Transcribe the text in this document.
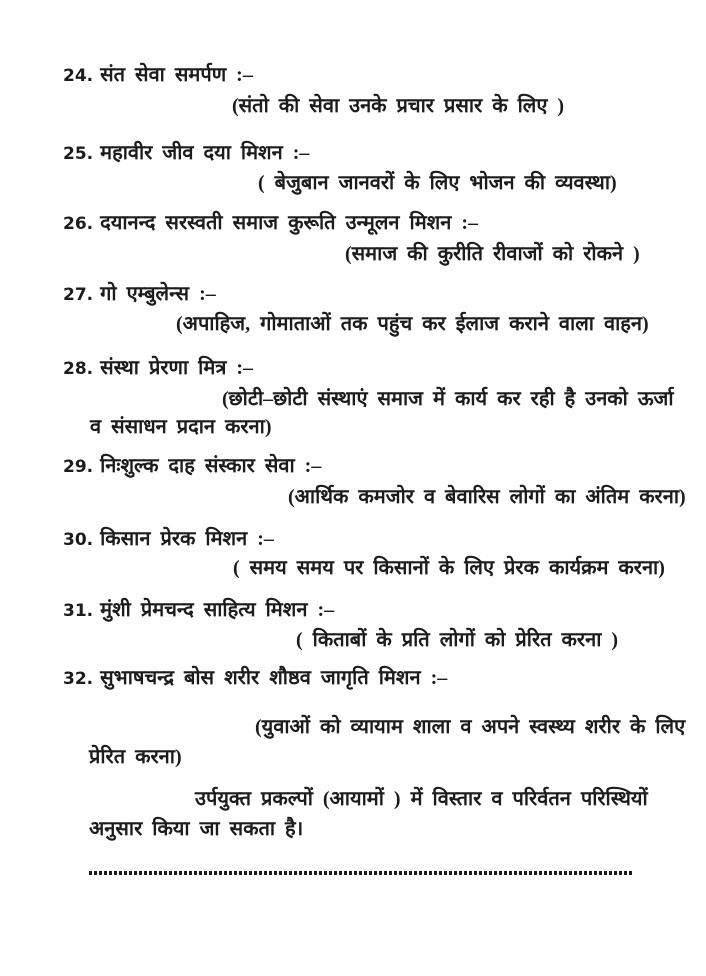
24. संत सेवा समर्पण :–
(संतो की सेवा उनके प्रचार प्रसार के लिए )
25. महावीर जीव दया मिशन :–
( बेजुबान जानवरों के लिए भोजन की व्यवस्था)
26. दयानन्द सरस्वती समाज कुरूति उन्मूलन मिशन :–
(समाज की कुरीति रीवाजों को रोकने )
27. गो एम्बुलेन्स :–
(अपाहिज, गोमाताओं तक पहुंच कर ईलाज कराने वाला वाहन)
28. संस्था प्रेरणा मित्र :–
(छोटी–छोटी संस्थाएं समाज में कार्य कर रही है उनको ऊर्जा
व संसाधन प्रदान करना)
29. निःशुल्क दाह संस्कार सेवा :–
(आर्थिक कमजोर व बेवारिस लोगों का अंतिम करना)
30. किसान प्रेरक मिशन :–
( समय समय पर किसानों के लिए प्रेरक कार्यक्रम करना)
31. मुंशी प्रेमचन्द साहित्य मिशन :–
( किताबों के प्रति लोगों को प्रेरित करना )
32. सुभाषचन्द्र बोस शरीर शौष्ठव जागृति मिशन :–
(युवाओं को व्यायाम शाला व अपने स्वस्थ्य शरीर के लिए
प्रेरित करना)
उर्पयुक्त प्रकल्पों (आयामों ) में विस्तार व परिर्वतन परिस्थियों
अनुसार किया जा सकता है।
